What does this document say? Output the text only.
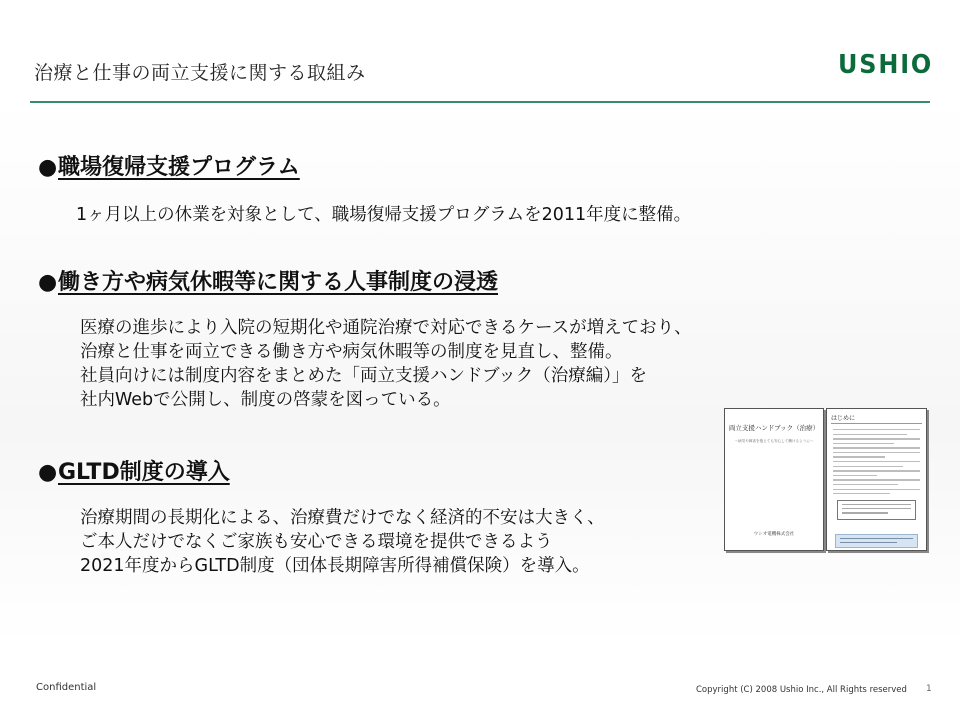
治療と仕事の両立支援に関する取組み	USHIO
●職場復帰支援プログラム
1ヶ月以上の休業を対象として、職場復帰支援プログラムを2011年度に整備。
●働き方や病気休暇等に関する人事制度の浸透
医療の進歩により入院の短期化や通院治療で対応できるケースが増えており、
治療と仕事を両立できる働き方や病気休暇等の制度を見直し、整備。
社員向けには制度内容をまとめた「両立支援ハンドブック（治療編）」を
社内Webで公開し、制度の啓蒙を図っている。
●GLTD制度の導入
治療期間の長期化による、治療費だけでなく経済的不安は大きく、
ご本人だけでなくご家族も安心できる環境を提供できるよう
2021年度からGLTD制度（団体長期障害所得補償保険）を導入。
両立支援ハンドブック（治療）
～病気や障害を抱えても安心して働けるように～
ウシオ電機株式会社
はじめに
Confidential	Copyright (C) 2008 Ushio Inc., All Rights reserved 1
